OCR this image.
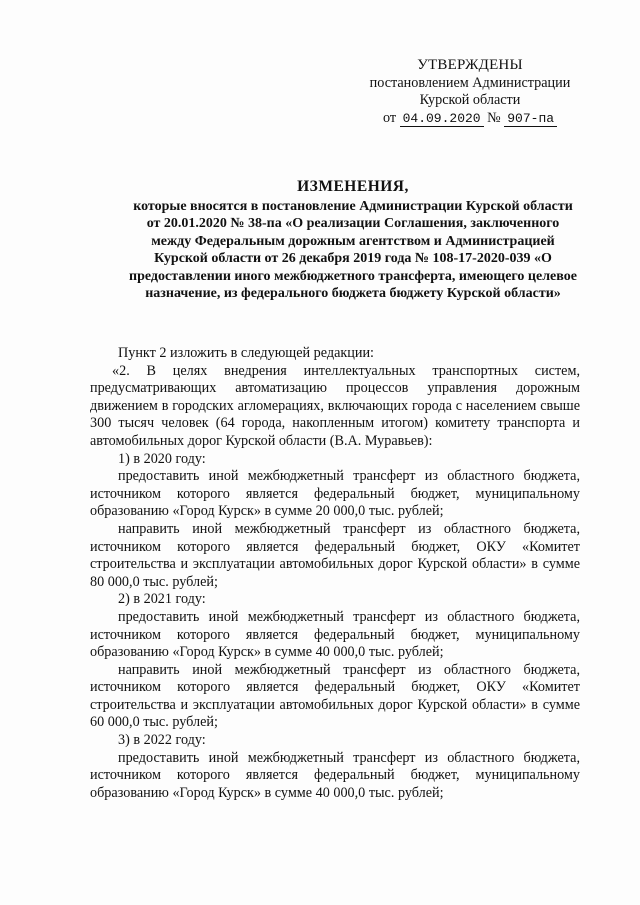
УТВЕРЖДЕНЫ
постановлением Администрации
Курской области
от 04.09.2020 № 907-па
ИЗМЕНЕНИЯ,
которые вносятся в постановление Администрации Курской области от 20.01.2020 № 38-па «О реализации Соглашения, заключенного между Федеральным дорожным агентством и Администрацией Курской области от 26 декабря 2019 года № 108-17-2020-039 «О предоставлении иного межбюджетного трансферта, имеющего целевое назначение, из федерального бюджета бюджету Курской области»

Пункт 2 изложить в следующей редакции:

«2. В целях внедрения интеллектуальных транспортных систем, предусматривающих автоматизацию процессов управления дорожным движением в городских агломерациях, включающих города с населением свыше 300 тысяч человек (64 города, накопленным итогом) комитету транспорта и автомобильных дорог Курской области (В.А. Муравьев):

1) в 2020 году:

предоставить иной межбюджетный трансферт из областного бюджета, источником которого является федеральный бюджет, муниципальному образованию «Город Курск» в сумме 20 000,0 тыс. рублей;

направить иной межбюджетный трансферт из областного бюджета, источником которого является федеральный бюджет, ОКУ «Комитет строительства и эксплуатации автомобильных дорог Курской области» в сумме 80 000,0 тыс. рублей;

2) в 2021 году:

предоставить иной межбюджетный трансферт из областного бюджета, источником которого является федеральный бюджет, муниципальному образованию «Город Курск» в сумме 40 000,0 тыс. рублей;

направить иной межбюджетный трансферт из областного бюджета, источником которого является федеральный бюджет, ОКУ «Комитет строительства и эксплуатации автомобильных дорог Курской области» в сумме 60 000,0 тыс. рублей;

3) в 2022 году:

предоставить иной межбюджетный трансферт из областного бюджета, источником которого является федеральный бюджет, муниципальному образованию «Город Курск» в сумме 40 000,0 тыс. рублей;
